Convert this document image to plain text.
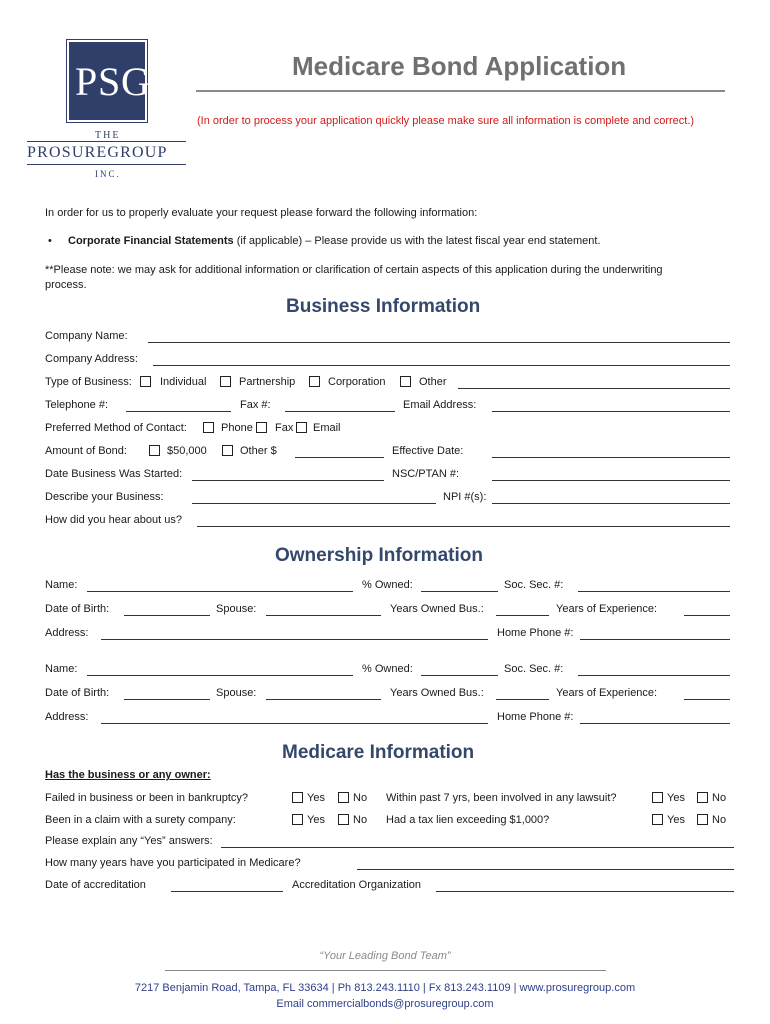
P S G
THE
PROSUREGROUP
INC.
Medicare Bond Application
(In order to process your application quickly please make sure all information is complete and correct.)
In order for us to properly evaluate your request please forward the following information:
• Corporate Financial Statements (if applicable) – Please provide us with the latest fiscal year end statement.
**Please note: we may ask for additional information or clarification of certain aspects of this application during the underwriting
process.
Business Information
Company Name:
Company Address:
Type of Business:	Individual	Partnership	Corporation	Other
Telephone #:	Fax #:	Email Address:
Preferred Method of Contact:	Phone Fax Email
Amount of Bond:	$50,000	Other $	Effective Date:
Date Business Was Started:	NSC/PTAN #:
Describe your Business:	NPI #(s):
How did you hear about us?
Ownership Information
Name:	% Owned:	Soc. Sec. #:
Date of Birth:	Spouse:	Years Owned Bus.:	Years of Experience:
Address:	Home Phone #:
Name:	% Owned:	Soc. Sec. #:
Date of Birth:	Spouse:	Years Owned Bus.:	Years of Experience:
Address:	Home Phone #:
Medicare Information
Has the business or any owner:
Failed in business or been in bankruptcy?	Yes	No Within past 7 yrs, been involved in any lawsuit?	Yes No
Been in a claim with a surety company:	Yes	No Had a tax lien exceeding $1,000?	Yes No
Please explain any “Yes” answers:
How many years have you participated in Medicare?
Date of accreditation	Accreditation Organization
“Your Leading Bond Team”
7217 Benjamin Road, Tampa, FL 33634 | Ph 813.243.1110 | Fx 813.243.1109 | www.prosuregroup.com
Email commercialbonds@prosuregroup.com
